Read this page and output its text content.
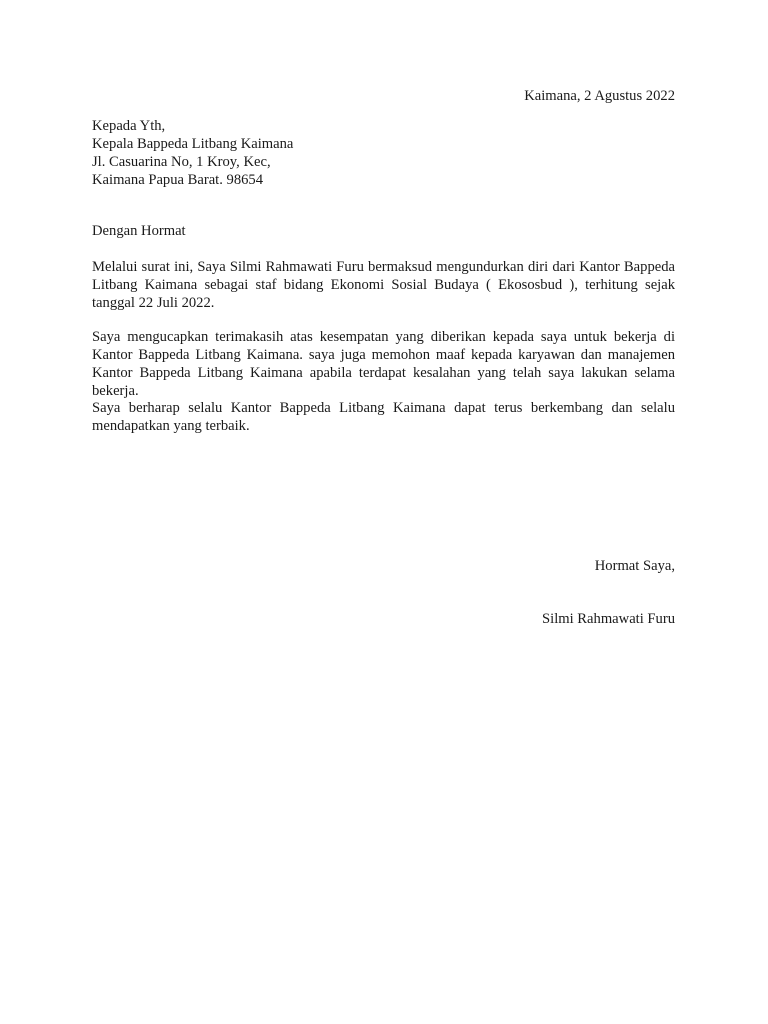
Kaimana, 2 Agustus 2022
Kepada Yth,
Kepala Bappeda Litbang Kaimana
Jl. Casuarina No, 1 Kroy, Kec,
Kaimana Papua Barat. 98654
Dengan Hormat
Melalui surat ini, Saya Silmi Rahmawati Furu bermaksud mengundurkan diri dari Kantor Bappeda Litbang Kaimana sebagai staf bidang Ekonomi Sosial Budaya ( Ekososbud ), terhitung sejak tanggal 22 Juli 2022.
Saya mengucapkan terimakasih atas kesempatan yang diberikan kepada saya untuk bekerja di Kantor Bappeda Litbang Kaimana. saya juga memohon maaf kepada karyawan dan manajemen Kantor Bappeda Litbang Kaimana apabila terdapat kesalahan yang telah saya lakukan selama bekerja.
Saya berharap selalu Kantor Bappeda Litbang Kaimana dapat terus berkembang dan selalu mendapatkan yang terbaik.
Hormat Saya,
Silmi Rahmawati Furu
